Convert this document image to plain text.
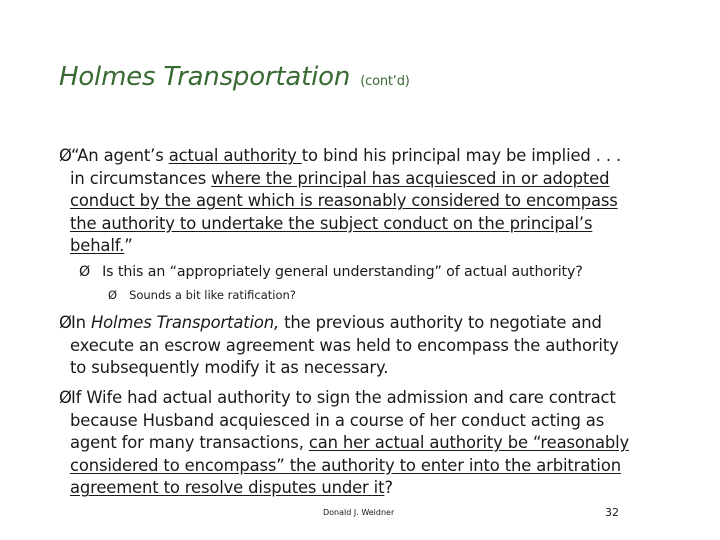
Holmes Transportation (cont’d)
Ø “An agent’s actual authority to bind his principal may be implied . . .
in circumstances where the principal has acquiesced in or adopted
conduct by the agent which is reasonably considered to encompass
the authority to undertake the subject conduct on the principal’s
behalf.”
Ø Is this an “appropriately general understanding” of actual authority?
Ø Sounds a bit like ratification?
Ø In Holmes Transportation, the previous authority to negotiate and
execute an escrow agreement was held to encompass the authority
to subsequently modify it as necessary.
Ø If Wife had actual authority to sign the admission and care contract
because Husband acquiesced in a course of her conduct acting as
agent for many transactions, can her actual authority be “reasonably
considered to encompass” the authority to enter into the arbitration
agreement to resolve disputes under it?
Donald J. Weidner	32
